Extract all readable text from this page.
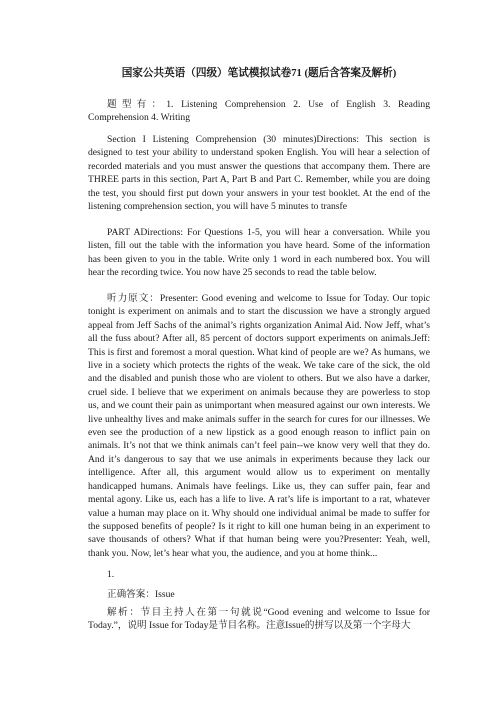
国家公共英语（四级）笔试模拟试卷71 (题后含答案及解析)

题型有：1. Listening Comprehension 2. Use of English 3. Reading Comprehension 4. Writing

Section I Listening Comprehension (30 minutes)Directions: This section is designed to test your ability to understand spoken English. You will hear a selection of recorded materials and you must answer the questions that accompany them. There are THREE parts in this section, Part A, Part B and Part C. Remember, while you are doing the test, you should first put down your answers in your test booklet. At the end of the listening comprehension section, you will have 5 minutes to transfe

PART ADirections: For Questions 1-5, you will hear a conversation. While you listen, fill out the table with the information you have heard. Some of the information has been given to you in the table. Write only 1 word in each numbered box. You will hear the recording twice. You now have 25 seconds to read the table below.

听力原文：Presenter: Good evening and welcome to Issue for Today. Our topic tonight is experiment on animals and to start the discussion we have a strongly argued appeal from Jeff Sachs of the animal’s rights organization Animal Aid. Now Jeff, what’s all the fuss about? After all, 85 percent of doctors support experiments on animals.Jeff: This is first and foremost a moral question. What kind of people are we? As humans, we live in a society which protects the rights of the weak. We take care of the sick, the old and the disabled and punish those who are violent to others. But we also have a darker, cruel side. I believe that we experiment on animals because they are powerless to stop us, and we count their pain as unimportant when measured against our own interests. We live unhealthy lives and make animals suffer in the search for cures for our illnesses. We even see the production of a new lipstick as a good enough reason to inflict pain on animals. It’s not that we think animals can’t feel pain--we know very well that they do. And it’s dangerous to say that we use animals in experiments because they lack our intelligence. After all, this argument would allow us to experiment on mentally handicapped humans. Animals have feelings. Like us, they can suffer pain, fear and mental agony. Like us, each has a life to live. A rat’s life is important to a rat, whatever value a human may place on it. Why should one individual animal be made to suffer for the supposed benefits of people? Is it right to kill one human being in an experiment to save thousands of others? What if that human being were you?Presenter: Yeah, well, thank you. Now, let’s hear what you, the audience, and you at home think...

1.

正确答案：Issue

解析：节目主持人在第一句就说“Good evening and welcome to Issue for Today.”，说明 Issue for Today是节目名称。注意Issue的拼写以及第一个字母大
